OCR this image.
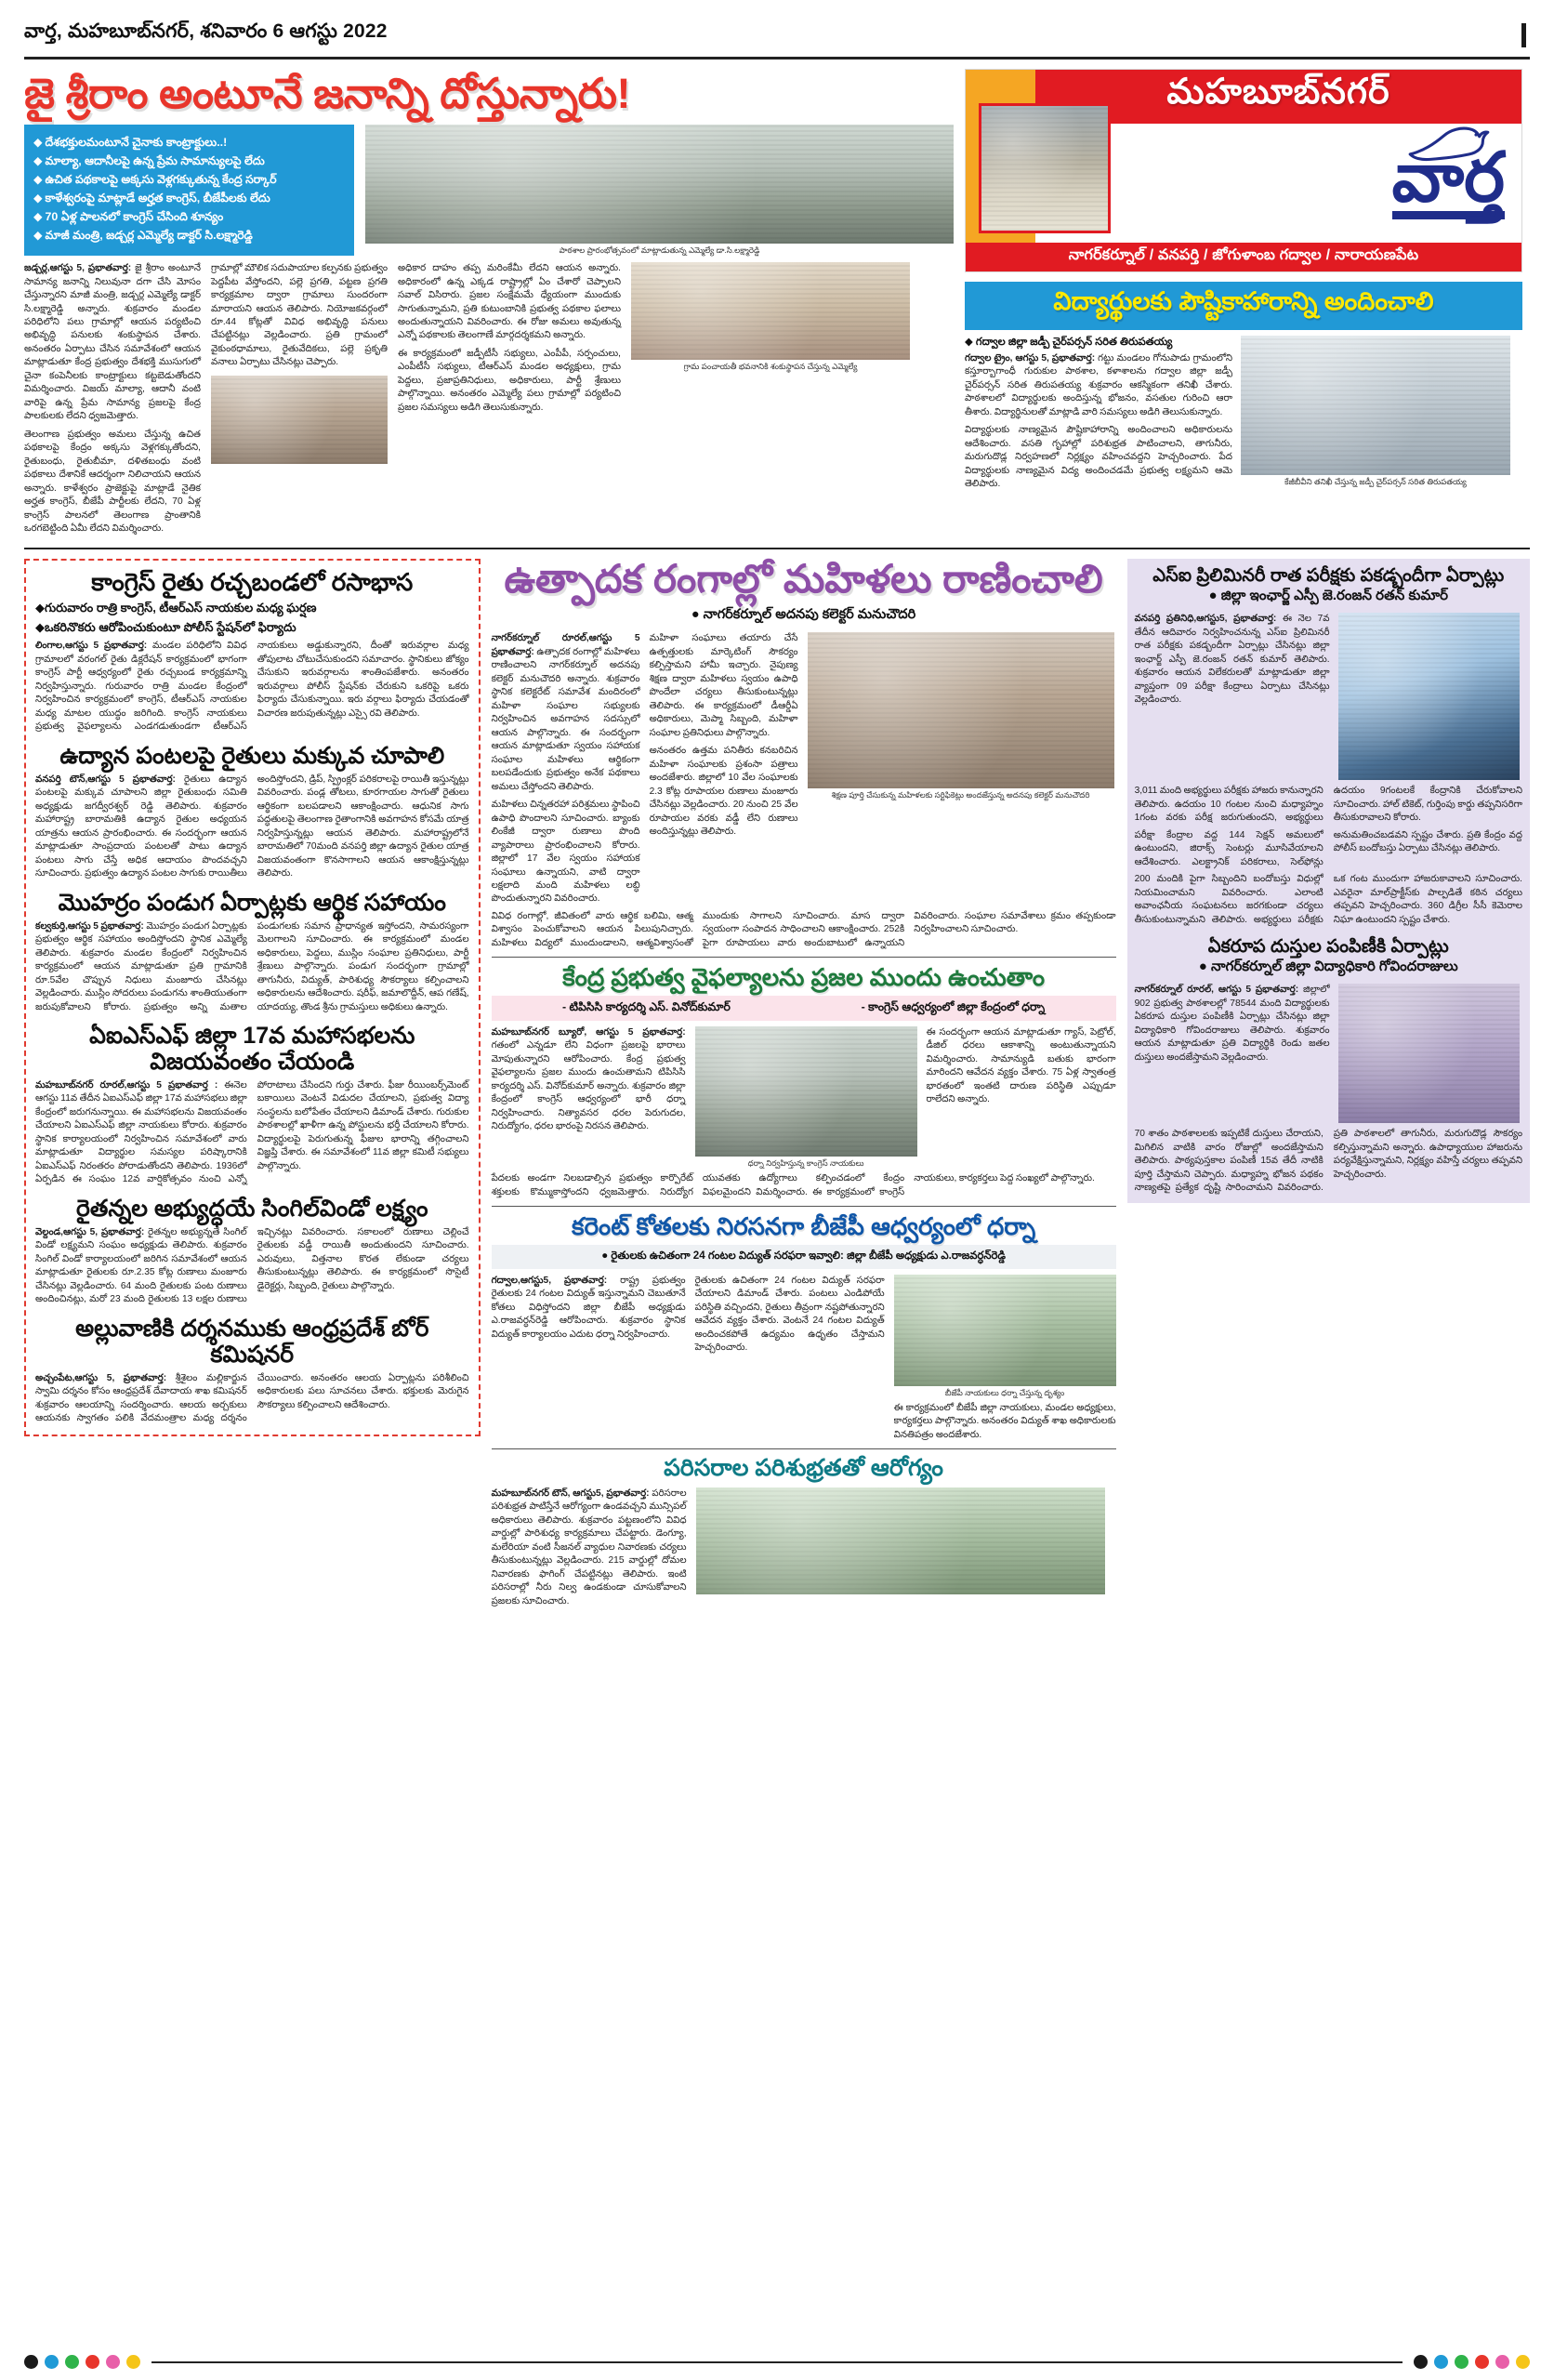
వార్త, మహబూబ్‌నగర్, శనివారం 6 ఆగస్టు 2022
జై శ్రీరాం అంటూనే జనాన్ని దోస్తున్నారు!
◆ దేశభక్తులమంటూనే చైనాకు కాంట్రాక్టులు..!
◆ మాల్యా, ఆదానీలపై ఉన్న ప్రేమ సామాన్యులపై లేదు
◆ ఉచిత పథకాలపై అక్కసు వెళ్లగక్కుతున్న కేంద్ర సర్కార్
◆ కాళేశ్వరంపై మాట్లాడే అర్హత కాంగ్రెస్, బీజేపీలకు లేదు
◆ 70 ఏళ్ల పాలనలో కాంగ్రెస్ చేసింది శూన్యం
◆ మాజీ మంత్రి, జడ్చర్ల ఎమ్మెల్యే డాక్టర్ సి.లక్ష్మారెడ్డి
పాఠశాల ప్రారంభోత్సవంలో మాట్లాడుతున్న ఎమ్మెల్యే డా.సి.లక్ష్మారెడ్డి

జడ్చర్ల,ఆగస్టు 5, ప్రభాతవార్త: జై శ్రీరాం అంటూనే సామాన్య జనాన్ని నిలువునా దగా చేసి మోసం చేస్తున్నారని మాజీ మంత్రి, జడ్చర్ల ఎమ్మెల్యే డాక్టర్ సి.లక్ష్మారెడ్డి అన్నారు. శుక్రవారం మండల పరిధిలోని పలు గ్రామాల్లో ఆయన పర్యటించి అభివృద్ధి పనులకు శంకుస్థాపన చేశారు. అనంతరం ఏర్పాటు చేసిన సమావేశంలో ఆయన మాట్లాడుతూ కేంద్ర ప్రభుత్వం దేశభక్తి ముసుగులో చైనా కంపెనీలకు కాంట్రాక్టులు కట్టబెడుతోందని విమర్శించారు. విజయ్ మాల్యా, ఆదానీ వంటి వారిపై ఉన్న ప్రేమ సామాన్య ప్రజలపై కేంద్ర పాలకులకు లేదని ధ్వజమెత్తారు.

తెలంగాణ ప్రభుత్వం అమలు చేస్తున్న ఉచిత పథకాలపై కేంద్రం అక్కసు వెళ్లగక్కుతోందని, రైతుబంధు, రైతుబీమా, దళితబంధు వంటి పథకాలు దేశానికే ఆదర్శంగా నిలిచాయని ఆయన అన్నారు. కాళేశ్వరం ప్రాజెక్టుపై మాట్లాడే నైతిక అర్హత కాంగ్రెస్, బీజేపీ పార్టీలకు లేదని, 70 ఏళ్ల కాంగ్రెస్ పాలనలో తెలంగాణ ప్రాంతానికి ఒరగబెట్టింది ఏమీ లేదని విమర్శించారు.

గ్రామాల్లో మౌలిక సదుపాయాల కల్పనకు ప్రభుత్వం పెద్దపీట వేస్తోందని, పల్లె ప్రగతి, పట్టణ ప్రగతి కార్యక్రమాల ద్వారా గ్రామాలు సుందరంగా మారాయని ఆయన తెలిపారు. నియోజకవర్గంలో రూ.44 కోట్లతో వివిధ అభివృద్ధి పనులు చేపట్టినట్లు వెల్లడించారు. ప్రతి గ్రామంలో వైకుంఠధామాలు, రైతువేదికలు, పల్లె ప్రకృతి వనాలు ఏర్పాటు చేసినట్లు చెప్పారు.

అధికార దాహం తప్ప మరింకేమీ లేదని ఆయన అన్నారు. అధికారంలో ఉన్న ఎక్కడ రాష్ట్రాల్లో ఏం చేశారో చెప్పాలని సవాల్ విసిరారు. ప్రజల సంక్షేమమే ధ్యేయంగా ముందుకు సాగుతున్నామని, ప్రతి కుటుంబానికి ప్రభుత్వ పథకాల ఫలాలు అందుతున్నాయని వివరించారు. ఈ రోజు అమలు అవుతున్న ఎన్నో పథకాలకు తెలంగాణే మార్గదర్శకమని అన్నారు.

ఈ కార్యక్రమంలో జడ్పీటీసీ సభ్యులు, ఎంపీపీ, సర్పంచులు, ఎంపీటీసీ సభ్యులు, టీఆర్ఎస్ మండల అధ్యక్షులు, గ్రామ పెద్దలు, ప్రజాప్రతినిధులు, అధికారులు, పార్టీ శ్రేణులు పాల్గొన్నాయి. అనంతరం ఎమ్మెల్యే పలు గ్రామాల్లో పర్యటించి ప్రజల సమస్యలు అడిగి తెలుసుకున్నారు.

గ్రామ పంచాయతీ భవనానికి శంకుస్థాపన చేస్తున్న ఎమ్మెల్యే
మహబూబ్‌నగర్
వార్త
నాగర్‌కర్నూల్ / వనపర్తి / జోగుళాంబ గద్వాల / నారాయణపేట
విద్యార్థులకు పౌష్టికాహారాన్ని అందించాలి
◆ గద్వాల జిల్లా జడ్పీ చైర్‌పర్సన్ సరిత తిరుపతయ్య

గద్వాల ట్రైం, ఆగస్టు 5, ప్రభాతవార్త: గట్టు మండలం గోనుపాడు గ్రామంలోని కస్తూర్బాగాంధీ గురుకుల పాఠశాల, కళాశాలను గద్వాల జిల్లా జడ్పీ చైర్‌పర్సన్ సరిత తిరుపతయ్య శుక్రవారం ఆకస్మికంగా తనిఖీ చేశారు. పాఠశాలలో విద్యార్థులకు అందిస్తున్న భోజనం, వసతుల గురించి ఆరా తీశారు. విద్యార్థినులతో మాట్లాడి వారి సమస్యలు అడిగి తెలుసుకున్నారు.

విద్యార్థులకు నాణ్యమైన పౌష్టికాహారాన్ని అందించాలని అధికారులను ఆదేశించారు. వసతి గృహాల్లో పరిశుభ్రత పాటించాలని, తాగునీరు, మరుగుదొడ్ల నిర్వహణలో నిర్లక్ష్యం వహించవద్దని హెచ్చరించారు. పేద విద్యార్థులకు నాణ్యమైన విద్య అందించడమే ప్రభుత్వ లక్ష్యమని ఆమె తెలిపారు.	కేజీబీవీని తనిఖీ చేస్తున్న జడ్పీ చైర్‌పర్సన్ సరిత తిరుపతయ్య
కాంగ్రెస్ రైతు రచ్చబండలో రసాభాస
◆గురువారం రాత్రి కాంగ్రెస్, టీఆర్ఎస్ నాయకుల మధ్య ఘర్షణ
◆ఒకరినొకరు ఆరోపించుకుంటూ పోలీస్ స్టేషన్‌లో ఫిర్యాదు

లింగాల,ఆగస్టు 5 ప్రభాతవార్త: మండల పరిధిలోని వివిధ గ్రామాలలో వరంగల్ రైతు డిక్లరేషన్ కార్యక్రమంలో భాగంగా కాంగ్రెస్ పార్టీ ఆధ్వర్యంలో రైతు రచ్చబండ కార్యక్రమాన్ని నిర్వహిస్తున్నారు. గురువారం రాత్రి మండల కేంద్రంలో నిర్వహించిన కార్యక్రమంలో కాంగ్రెస్, టీఆర్ఎస్ నాయకుల మధ్య మాటల యుద్ధం జరిగింది. కాంగ్రెస్ నాయకులు ప్రభుత్వ వైఫల్యాలను ఎండగడుతుండగా టీఆర్ఎస్ నాయకులు అడ్డుకున్నారని, దీంతో ఇరువర్గాల మధ్య తోపులాట చోటుచేసుకుందని సమాచారం. స్థానికులు జోక్యం చేసుకుని ఇరువర్గాలను శాంతింపజేశారు. అనంతరం ఇరువర్గాలు పోలీస్ స్టేషన్‌కు చేరుకుని ఒకరిపై ఒకరు ఫిర్యాదు చేసుకున్నాయి. ఇరు వర్గాలు ఫిర్యాదు చేయడంతో విచారణ జరుపుతున్నట్లు ఎస్సై రవి తెలిపారు.

ఉద్యాన పంటలపై రైతులు మక్కువ చూపాలి

వనపర్తి టౌన్,ఆగస్టు 5 ప్రభాతవార్త: రైతులు ఉద్యాన పంటలపై మక్కువ చూపాలని జిల్లా రైతుబంధు సమితి అధ్యక్షుడు జగద్వీరశ్వర్ రెడ్డి తెలిపారు. శుక్రవారం మహారాష్ట్ర బారామతికి ఉద్యాన రైతుల అధ్యయన యాత్రను ఆయన ప్రారంభించారు. ఈ సందర్భంగా ఆయన మాట్లాడుతూ సాంప్రదాయ పంటలతో పాటు ఉద్యాన పంటలు సాగు చేస్తే అధిక ఆదాయం పొందవచ్చని సూచించారు. ప్రభుత్వం ఉద్యాన పంటల సాగుకు రాయితీలు అందిస్తోందని, డ్రిప్, స్ప్రింక్లర్ పరికరాలపై రాయితీ ఇస్తున్నట్లు వివరించారు. పండ్ల తోటలు, కూరగాయల సాగుతో రైతులు ఆర్థికంగా బలపడాలని ఆకాంక్షించారు. ఆధునిక సాగు పద్ధతులపై తెలంగాణ రైతాంగానికి అవగాహన కోసమే యాత్ర నిర్వహిస్తున్నట్లు ఆయన తెలిపారు. మహారాష్ట్రలోనే బారామతిలో 70మంది వనపర్తి జిల్లా ఉద్యాన రైతుల యాత్ర విజయవంతంగా కొనసాగాలని ఆయన ఆకాంక్షిస్తున్నట్లు తెలిపారు.

మొహర్రం పండుగ ఏర్పాట్లకు ఆర్థిక సహాయం

కల్వకుర్తి,ఆగస్టు 5 ప్రభాతవార్త: మొహర్రం పండుగ ఏర్పాట్లకు ప్రభుత్వం ఆర్థిక సహాయం అందిస్తోందని స్థానిక ఎమ్మెల్యే తెలిపారు. శుక్రవారం మండల కేంద్రంలో నిర్వహించిన కార్యక్రమంలో ఆయన మాట్లాడుతూ ప్రతి గ్రామానికి రూ.5వేల చొప్పున నిధులు మంజూరు చేసినట్లు వెల్లడించారు. ముస్లిం సోదరులు పండుగను శాంతియుతంగా జరుపుకోవాలని కోరారు. ప్రభుత్వం అన్ని మతాల పండుగలకు సమాన ప్రాధాన్యత ఇస్తోందని, సామరస్యంగా మెలగాలని సూచించారు. ఈ కార్యక్రమంలో మండల అధికారులు, పెద్దలు, ముస్లిం సంఘాల ప్రతినిధులు, పార్టీ శ్రేణులు పాల్గొన్నారు. పండుగ సందర్భంగా గ్రామాల్లో తాగునీరు, విద్యుత్, పారిశుధ్య సౌకర్యాలు కల్పించాలని అధికారులను ఆదేశించారు. షరీఫ్, జమాలొద్దీన్, ఆప గణేష్, యాదయ్య, తొండ శ్రీను గ్రామస్తులు అధికులు ఉన్నారు.

ఏఐఎస్ఎఫ్ జిల్లా 17వ మహాసభలను విజయవంతం చేయండి

మహబూబ్‌నగర్ రూరల్,ఆగస్టు 5 ప్రభాతవార్త : ఈనెల ఆగస్టు 11వ తేదీన ఏఐఎస్ఎఫ్ జిల్లా 17వ మహాసభలు జిల్లా కేంద్రంలో జరుగనున్నాయి. ఈ మహాసభలను విజయవంతం చేయాలని ఏఐఎస్ఎఫ్ జిల్లా నాయకులు కోరారు. శుక్రవారం స్థానిక కార్యాలయంలో నిర్వహించిన సమావేశంలో వారు మాట్లాడుతూ విద్యార్థుల సమస్యల పరిష్కారానికి ఏఐఎస్ఎఫ్ నిరంతరం పోరాడుతోందని తెలిపారు. 1936లో ఏర్పడిన ఈ సంఘం 12వ వార్షికోత్సవం నుంచి ఎన్నో పోరాటాలు చేసిందని గుర్తు చేశారు. ఫీజు రీయింబర్స్‌మెంట్ బకాయిలు వెంటనే విడుదల చేయాలని, ప్రభుత్వ విద్యా సంస్థలను బలోపేతం చేయాలని డిమాండ్ చేశారు. గురుకుల పాఠశాలల్లో ఖాళీగా ఉన్న పోస్టులను భర్తీ చేయాలని కోరారు. విద్యార్థులపై పెరుగుతున్న ఫీజుల భారాన్ని తగ్గించాలని విజ్ఞప్తి చేశారు. ఈ సమావేశంలో 11వ జిల్లా కమిటీ సభ్యులు పాల్గొన్నారు.

రైతన్నల అభ్యుద్ధయే సింగిల్‌విండో లక్ష్యం

వెల్దండ,ఆగస్టు 5, ప్రభాతవార్త: రైతన్నల అభ్యున్నతే సింగిల్ విండో లక్ష్యమని సంఘం అధ్యక్షుడు తెలిపారు. శుక్రవారం సింగిల్ విండో కార్యాలయంలో జరిగిన సమావేశంలో ఆయన మాట్లాడుతూ రైతులకు రూ.2.35 కోట్ల రుణాలు మంజూరు చేసినట్లు వెల్లడించారు. 64 మంది రైతులకు పంట రుణాలు అందించినట్లు, మరో 23 మంది రైతులకు 13 లక్షల రుణాలు ఇచ్చినట్లు వివరించారు. సకాలంలో రుణాలు చెల్లించే రైతులకు వడ్డీ రాయితీ అందుతుందని సూచించారు. ఎరువులు, విత్తనాల కొరత లేకుండా చర్యలు తీసుకుంటున్నట్లు తెలిపారు. ఈ కార్యక్రమంలో సొసైటీ డైరెక్టర్లు, సిబ్బంది, రైతులు పాల్గొన్నారు.

అల్లువాణికి దర్శనముకు ఆంధ్రప్రదేశ్ బోర్ కమిషనర్

అచ్చంపేట,ఆగస్టు 5, ప్రభాతవార్త: శ్రీశైలం మల్లికార్జున స్వామి దర్శనం కోసం ఆంధ్రప్రదేశ్ దేవాదాయ శాఖ కమిషనర్ శుక్రవారం ఆలయాన్ని సందర్శించారు. ఆలయ అర్చకులు ఆయనకు స్వాగతం పలికి వేదమంత్రాల మధ్య దర్శనం చేయించారు. అనంతరం ఆలయ ఏర్పాట్లను పరిశీలించి అధికారులకు పలు సూచనలు చేశారు. భక్తులకు మెరుగైన సౌకర్యాలు కల్పించాలని ఆదేశించారు.

ఉత్పాదక రంగాల్లో మహిళలు రాణించాలి
● నాగర్‌కర్నూల్ అదనపు కలెక్టర్ మనుచౌదరి

నాగర్‌కర్నూల్ రూరల్,ఆగస్టు 5 ప్రభాతవార్త: ఉత్పాదక రంగాల్లో మహిళలు రాణించాలని నాగర్‌కర్నూల్ అదనపు కలెక్టర్ మనుచౌదరి అన్నారు. శుక్రవారం స్థానిక కలెక్టరేట్ సమావేశ మందిరంలో మహిళా సంఘాల సభ్యులకు నిర్వహించిన అవగాహన సదస్సులో ఆయన పాల్గొన్నారు. ఈ సందర్భంగా ఆయన మాట్లాడుతూ స్వయం సహాయక సంఘాల మహిళలు ఆర్థికంగా బలపడేందుకు ప్రభుత్వం అనేక పథకాలు అమలు చేస్తోందని తెలిపారు.

మహిళలు చిన్నతరహా పరిశ్రమలు స్థాపించి ఉపాధి పొందాలని సూచించారు. బ్యాంకు లింకేజీ ద్వారా రుణాలు పొంది వ్యాపారాలు ప్రారంభించాలని కోరారు. జిల్లాలో 17 వేల స్వయం సహాయక సంఘాలు ఉన్నాయని, వాటి ద్వారా లక్షలాది మంది మహిళలు లబ్ధి పొందుతున్నారని వివరించారు.

మహిళా సంఘాలు తయారు చేసే ఉత్పత్తులకు మార్కెటింగ్ సౌకర్యం కల్పిస్తామని హామీ ఇచ్చారు. నైపుణ్య శిక్షణ ద్వారా మహిళలు స్వయం ఉపాధి పొందేలా చర్యలు తీసుకుంటున్నట్లు తెలిపారు. ఈ కార్యక్రమంలో డీఆర్డీఏ అధికారులు, మెప్మా సిబ్బంది, మహిళా సంఘాల ప్రతినిధులు పాల్గొన్నారు.

అనంతరం ఉత్తమ పనితీరు కనబరిచిన మహిళా సంఘాలకు ప్రశంసా పత్రాలు అందజేశారు. జిల్లాలో 10 వేల సంఘాలకు 2.3 కోట్ల రూపాయల రుణాలు మంజూరు చేసినట్లు వెల్లడించారు. 20 నుంచి 25 వేల రూపాయల వరకు వడ్డీ లేని రుణాలు అందిస్తున్నట్లు తెలిపారు.

శిక్షణ పూర్తి చేసుకున్న మహిళలకు సర్టిఫికెట్లు అందజేస్తున్న అదనపు కలెక్టర్ మనుచౌదరి

వివిధ రంగాల్లో, జీవితంలో వారు ఆర్థిక బలిమి, ఆత్మ విశ్వాసం పెంచుకోవాలని ఆయన పిలుపునిచ్చారు. మహిళలు విద్యలో ముందుండాలని, ఆత్మవిశ్వాసంతో ముందుకు సాగాలని సూచించారు. మాస ద్వారా స్వయంగా సంపాదన సాధించాలని ఆకాంక్షించారు. 252కి పైగా రూపాయలు వారు అందుబాటులో ఉన్నాయని వివరించారు. సంఘాల సమావేశాలు క్రమం తప్పకుండా నిర్వహించాలని సూచించారు.

కేంద్ర ప్రభుత్వ వైఫల్యాలను ప్రజల ముందు ఉంచుతాం
- టిపిసిసి కార్యదర్శి ఎస్. వినోద్‌కుమార్	- కాంగ్రెస్ ఆధ్వర్యంలో జిల్లా కేంద్రంలో ధర్నా

మహబూబ్‌నగర్ బ్యూరో, ఆగస్టు 5 ప్రభాతవార్త: గతంలో ఎన్నడూ లేని విధంగా ప్రజలపై భారాలు మోపుతున్నారని ఆరోపించారు. కేంద్ర ప్రభుత్వ వైఫల్యాలను ప్రజల ముందు ఉంచుతామని టిపిసిసి కార్యదర్శి ఎస్. వినోద్‌కుమార్ అన్నారు. శుక్రవారం జిల్లా కేంద్రంలో కాంగ్రెస్ ఆధ్వర్యంలో భారీ ధర్నా నిర్వహించారు. నిత్యావసర ధరల పెరుగుదల, నిరుద్యోగం, ధరల భారంపై నిరసన తెలిపారు.

ధర్నా నిర్వహిస్తున్న కాంగ్రెస్ నాయకులు

ఈ సందర్భంగా ఆయన మాట్లాడుతూ గ్యాస్, పెట్రోల్, డీజిల్ ధరలు ఆకాశాన్ని అంటుతున్నాయని విమర్శించారు. సామాన్యుడి బతుకు భారంగా మారిందని ఆవేదన వ్యక్తం చేశారు. 75 ఏళ్ల స్వాతంత్ర భారతంలో ఇంతటి దారుణ పరిస్థితి ఎప్పుడూ రాలేదని అన్నారు.

పేదలకు అండగా నిలబడాల్సిన ప్రభుత్వం కార్పొరేట్ శక్తులకు కొమ్ముకాస్తోందని ధ్వజమెత్తారు. నిరుద్యోగ యువతకు ఉద్యోగాలు కల్పించడంలో కేంద్రం విఫలమైందని విమర్శించారు. ఈ కార్యక్రమంలో కాంగ్రెస్ నాయకులు, కార్యకర్తలు పెద్ద సంఖ్యలో పాల్గొన్నారు.

కరెంట్ కోతలకు నిరసనగా బీజేపీ ఆధ్వర్యంలో ధర్నా
● రైతులకు ఉచితంగా 24 గంటల విద్యుత్ సరఫరా ఇవ్వాలి: జిల్లా బీజేపీ అధ్యక్షుడు ఎ.రాజవర్ధన్‌రెడ్డి

గద్వాల,ఆగస్టు5, ప్రభాతవార్త: రాష్ట్ర ప్రభుత్వం రైతులకు 24 గంటల విద్యుత్ ఇస్తున్నామని చెబుతూనే కోతలు విధిస్తోందని జిల్లా బీజేపీ అధ్యక్షుడు ఎ.రాజవర్ధన్‌రెడ్డి ఆరోపించారు. శుక్రవారం స్థానిక విద్యుత్ కార్యాలయం ఎదుట ధర్నా నిర్వహించారు.

రైతులకు ఉచితంగా 24 గంటల విద్యుత్ సరఫరా చేయాలని డిమాండ్ చేశారు. పంటలు ఎండిపోయే పరిస్థితి వచ్చిందని, రైతులు తీవ్రంగా నష్టపోతున్నారని ఆవేదన వ్యక్తం చేశారు. వెంటనే 24 గంటల విద్యుత్ అందించకపోతే ఉద్యమం ఉధృతం చేస్తామని హెచ్చరించారు.

బీజేపీ నాయకులు ధర్నా చేస్తున్న దృశ్యం

ఈ కార్యక్రమంలో బీజేపీ జిల్లా నాయకులు, మండల అధ్యక్షులు, కార్యకర్తలు పాల్గొన్నారు. అనంతరం విద్యుత్ శాఖ అధికారులకు వినతిపత్రం అందజేశారు.

పరిసరాల పరిశుభ్రతతో ఆరోగ్యం

మహబూబ్‌నగర్ టౌన్, ఆగస్టు5, ప్రభాతవార్త: పరిసరాల పరిశుభ్రత పాటిస్తేనే ఆరోగ్యంగా ఉండవచ్చని మున్సిపల్ అధికారులు తెలిపారు. శుక్రవారం పట్టణంలోని వివిధ వార్డుల్లో పారిశుధ్య కార్యక్రమాలు చేపట్టారు. డెంగ్యూ, మలేరియా వంటి సీజనల్ వ్యాధుల నివారణకు చర్యలు తీసుకుంటున్నట్లు వెల్లడించారు. 215 వార్డుల్లో దోమల నివారణకు ఫాగింగ్ చేపట్టినట్లు తెలిపారు. ఇంటి పరిసరాల్లో నీరు నిల్వ ఉండకుండా చూసుకోవాలని ప్రజలకు సూచించారు.

ఎస్ఐ ప్రిలిమినరీ రాత పరీక్షకు పకడ్బందీగా ఏర్పాట్లు
● జిల్లా ఇంఛార్జ్ ఎస్పీ జె.రంజన్ రతన్ కుమార్

వనపర్తి ప్రతినిధి,ఆగస్టు5, ప్రభాతవార్త: ఈ నెల 7వ తేదీన ఆదివారం నిర్వహించనున్న ఎస్ఐ ప్రిలిమినరీ రాత పరీక్షకు పకడ్బందీగా ఏర్పాట్లు చేసినట్లు జిల్లా ఇంఛార్జ్ ఎస్పీ జె.రంజన్ రతన్ కుమార్ తెలిపారు. శుక్రవారం ఆయన విలేకరులతో మాట్లాడుతూ జిల్లా వ్యాప్తంగా 09 పరీక్షా కేంద్రాలు ఏర్పాటు చేసినట్లు వెల్లడించారు.

3,011 మంది అభ్యర్థులు పరీక్షకు హాజరు కానున్నారని తెలిపారు. ఉదయం 10 గంటల నుంచి మధ్యాహ్నం 1గంట వరకు పరీక్ష జరుగుతుందని, అభ్యర్థులు ఉదయం 9గంటలకే కేంద్రానికి చేరుకోవాలని సూచించారు. హాల్ టికెట్, గుర్తింపు కార్డు తప్పనిసరిగా తీసుకురావాలని కోరారు.

పరీక్షా కేంద్రాల వద్ద 144 సెక్షన్ అమలులో ఉంటుందని, జిరాక్స్ సెంటర్లు మూసివేయాలని ఆదేశించారు. ఎలక్ట్రానిక్ పరికరాలు, సెల్‌ఫోన్లు అనుమతించబడవని స్పష్టం చేశారు. ప్రతి కేంద్రం వద్ద పోలీస్ బందోబస్తు ఏర్పాటు చేసినట్లు తెలిపారు.

200 మందికి పైగా సిబ్బందిని బందోబస్తు విధుల్లో నియమించామని వివరించారు. ఎలాంటి అవాంఛనీయ సంఘటనలు జరగకుండా చర్యలు తీసుకుంటున్నామని తెలిపారు. అభ్యర్థులు పరీక్షకు ఒక గంట ముందుగా హాజరుకావాలని సూచించారు. ఎవరైనా మాల్‌ప్రాక్టీస్‌కు పాల్పడితే కఠిన చర్యలు తప్పవని హెచ్చరించారు. 360 డిగ్రీల సీసీ కెమెరాల నిఘా ఉంటుందని స్పష్టం చేశారు.

ఏకరూప దుస్తుల పంపిణీకి ఏర్పాట్లు
● నాగర్‌కర్నూల్ జిల్లా విద్యాధికారి గోవిందరాజులు

నాగర్‌కర్నూల్ రూరల్, ఆగస్టు 5 ప్రభాతవార్త: జిల్లాలో 902 ప్రభుత్వ పాఠశాలల్లో 78544 మంది విద్యార్థులకు ఏకరూప దుస్తుల పంపిణీకి ఏర్పాట్లు చేసినట్లు జిల్లా విద్యాధికారి గోవిందరాజులు తెలిపారు. శుక్రవారం ఆయన మాట్లాడుతూ ప్రతి విద్యార్థికి రెండు జతల దుస్తులు అందజేస్తామని వెల్లడించారు.

70 శాతం పాఠశాలలకు ఇప్పటికే దుస్తులు చేరాయని, మిగిలిన వాటికి వారం రోజుల్లో అందజేస్తామని తెలిపారు. పాఠ్యపుస్తకాల పంపిణీ 15వ తేదీ నాటికి పూర్తి చేస్తామని చెప్పారు. మధ్యాహ్న భోజన పథకం నాణ్యతపై ప్రత్యేక దృష్టి సారించామని వివరించారు. ప్రతి పాఠశాలలో తాగునీరు, మరుగుదొడ్ల సౌకర్యం కల్పిస్తున్నామని అన్నారు. ఉపాధ్యాయుల హాజరును పర్యవేక్షిస్తున్నామని, నిర్లక్ష్యం వహిస్తే చర్యలు తప్పవని హెచ్చరించారు.
